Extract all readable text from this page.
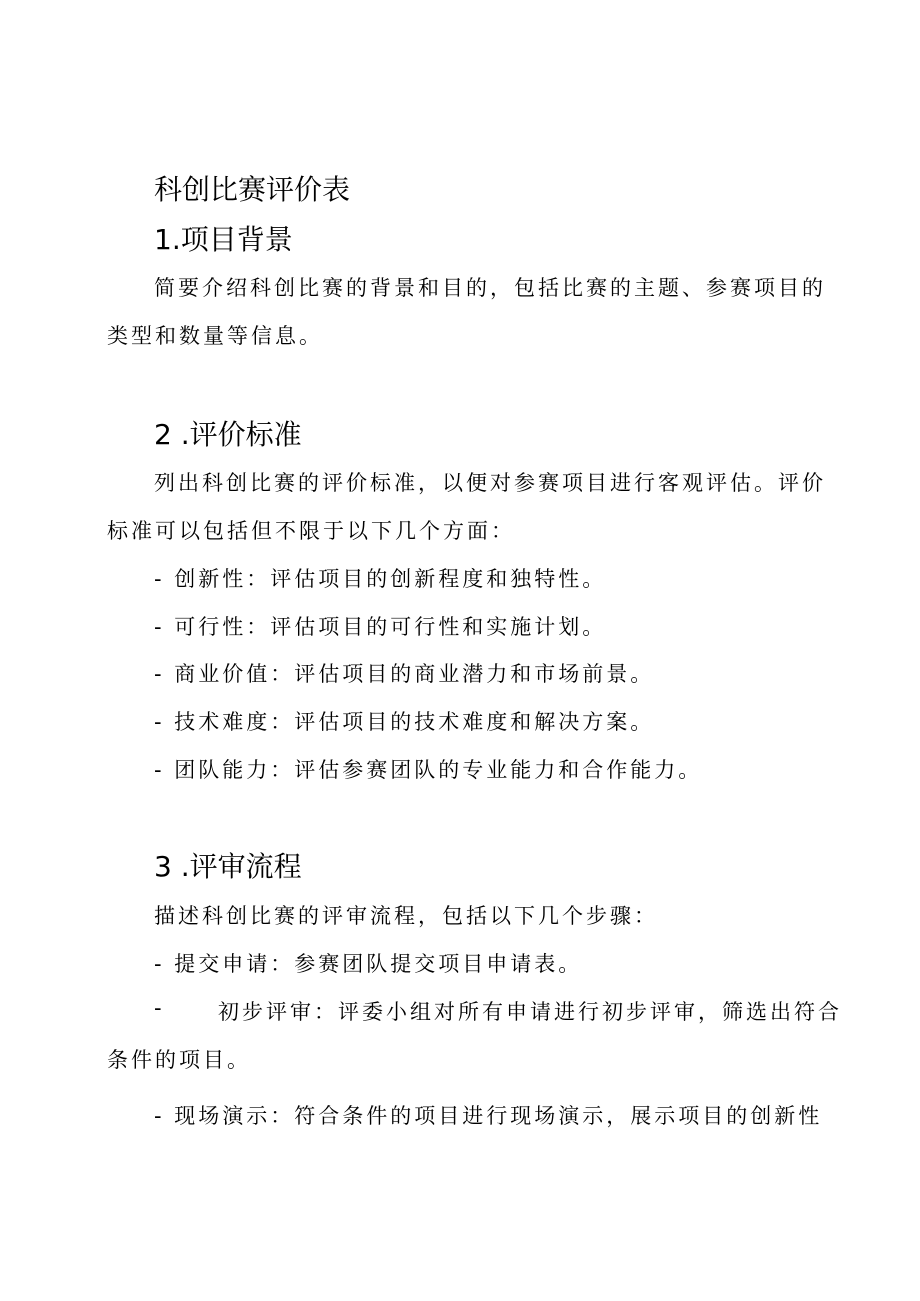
科创比赛评价表
1.项目背景
简要介绍科创比赛的背景和目的，包括比赛的主题、参赛项目的
类型和数量等信息。
2 .评价标准
列出科创比赛的评价标准，以便对参赛项目进行客观评估。评价
标准可以包括但不限于以下几个方面：
- 创新性：评估项目的创新程度和独特性。
- 可行性：评估项目的可行性和实施计划。
- 商业价值：评估项目的商业潜力和市场前景。
- 技术难度：评估项目的技术难度和解决方案。
- 团队能力：评估参赛团队的专业能力和合作能力。
3 .评审流程
描述科创比赛的评审流程，包括以下几个步骤：
- 提交申请：参赛团队提交项目申请表。
-	初步评审：评委小组对所有申请进行初步评审，筛选出符合
条件的项目。
- 现场演示：符合条件的项目进行现场演示，展示项目的创新性
